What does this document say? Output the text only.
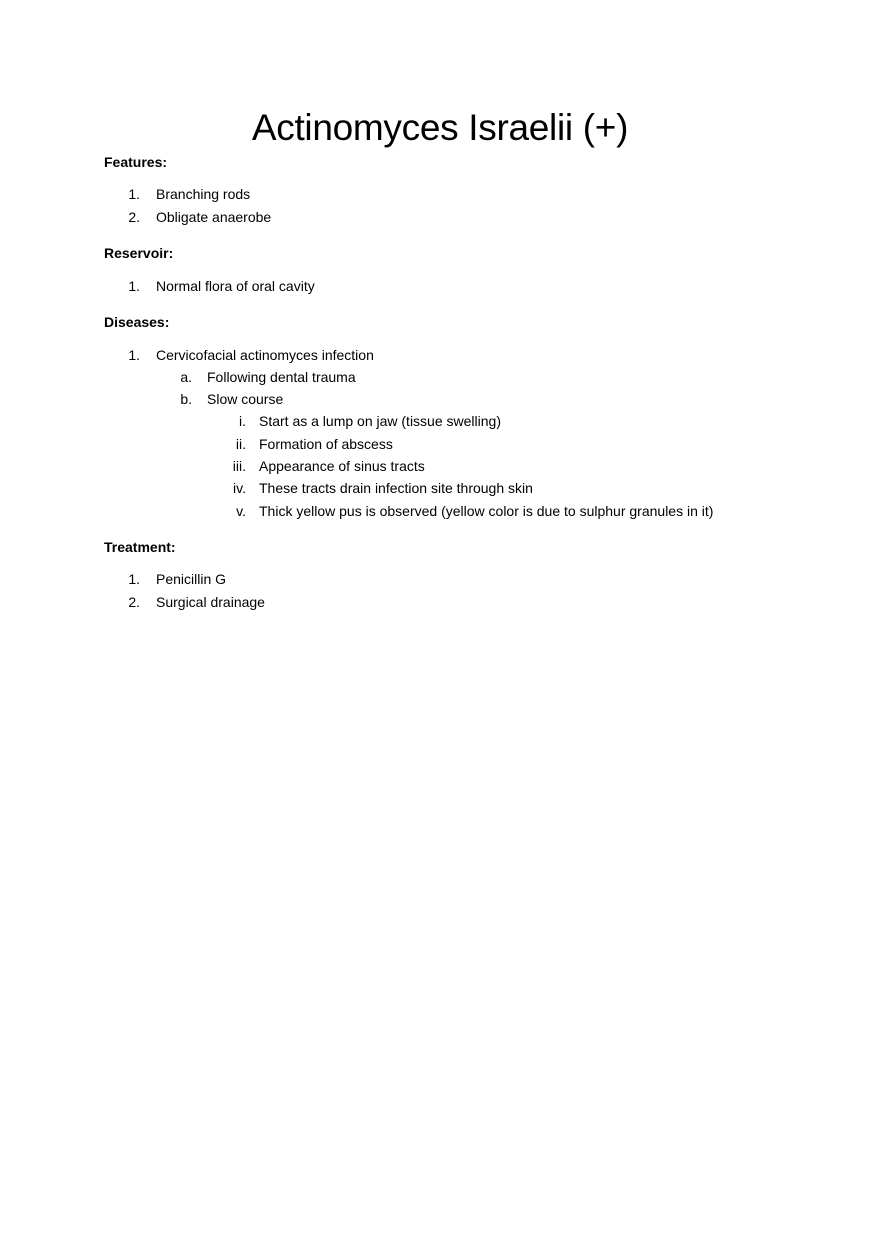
Actinomyces Israelii (+)
Features:
1. Branching rods
2. Obligate anaerobe
Reservoir:
1. Normal flora of oral cavity
Diseases:
1. Cervicofacial actinomyces infection
a. Following dental trauma
b. Slow course
i. Start as a lump on jaw (tissue swelling)
ii. Formation of abscess
iii. Appearance of sinus tracts
iv. These tracts drain infection site through skin
v. Thick yellow pus is observed (yellow color is due to sulphur granules in it)
Treatment:
1. Penicillin G
2. Surgical drainage
